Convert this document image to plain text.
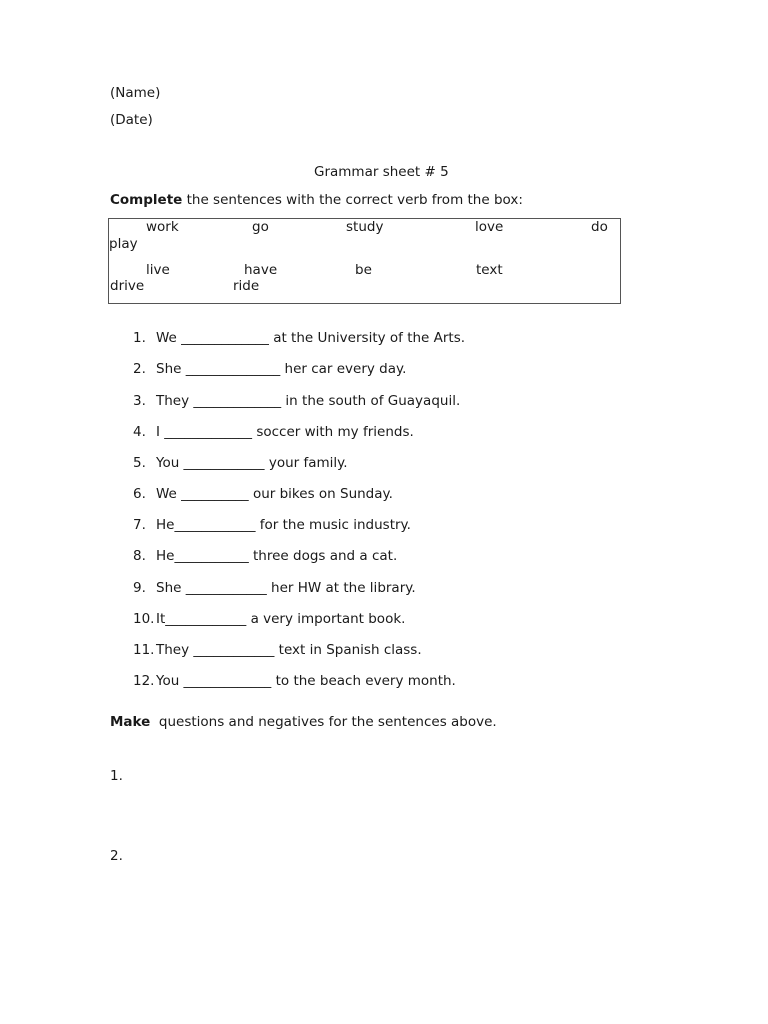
(Name)
(Date)
Grammar sheet # 5
Complete the sentences with the correct verb from the box:
work	go	study	love	do
play
live	have	be	text
drive	ride
1. We _____________ at the University of the Arts.
2. She ______________ her car every day.
3. They _____________ in the south of Guayaquil.
4. I _____________ soccer with my friends.
5. You ____________ your family.
6. We __________ our bikes on Sunday.
7. He____________ for the music industry.
8. He___________ three dogs and a cat.
9. She ____________ her HW at the library.
10. It____________ a very important book.
11. They ____________ text in Spanish class.
12. You _____________ to the beach every month.
Make  questions and negatives for the sentences above.
1.
2.
